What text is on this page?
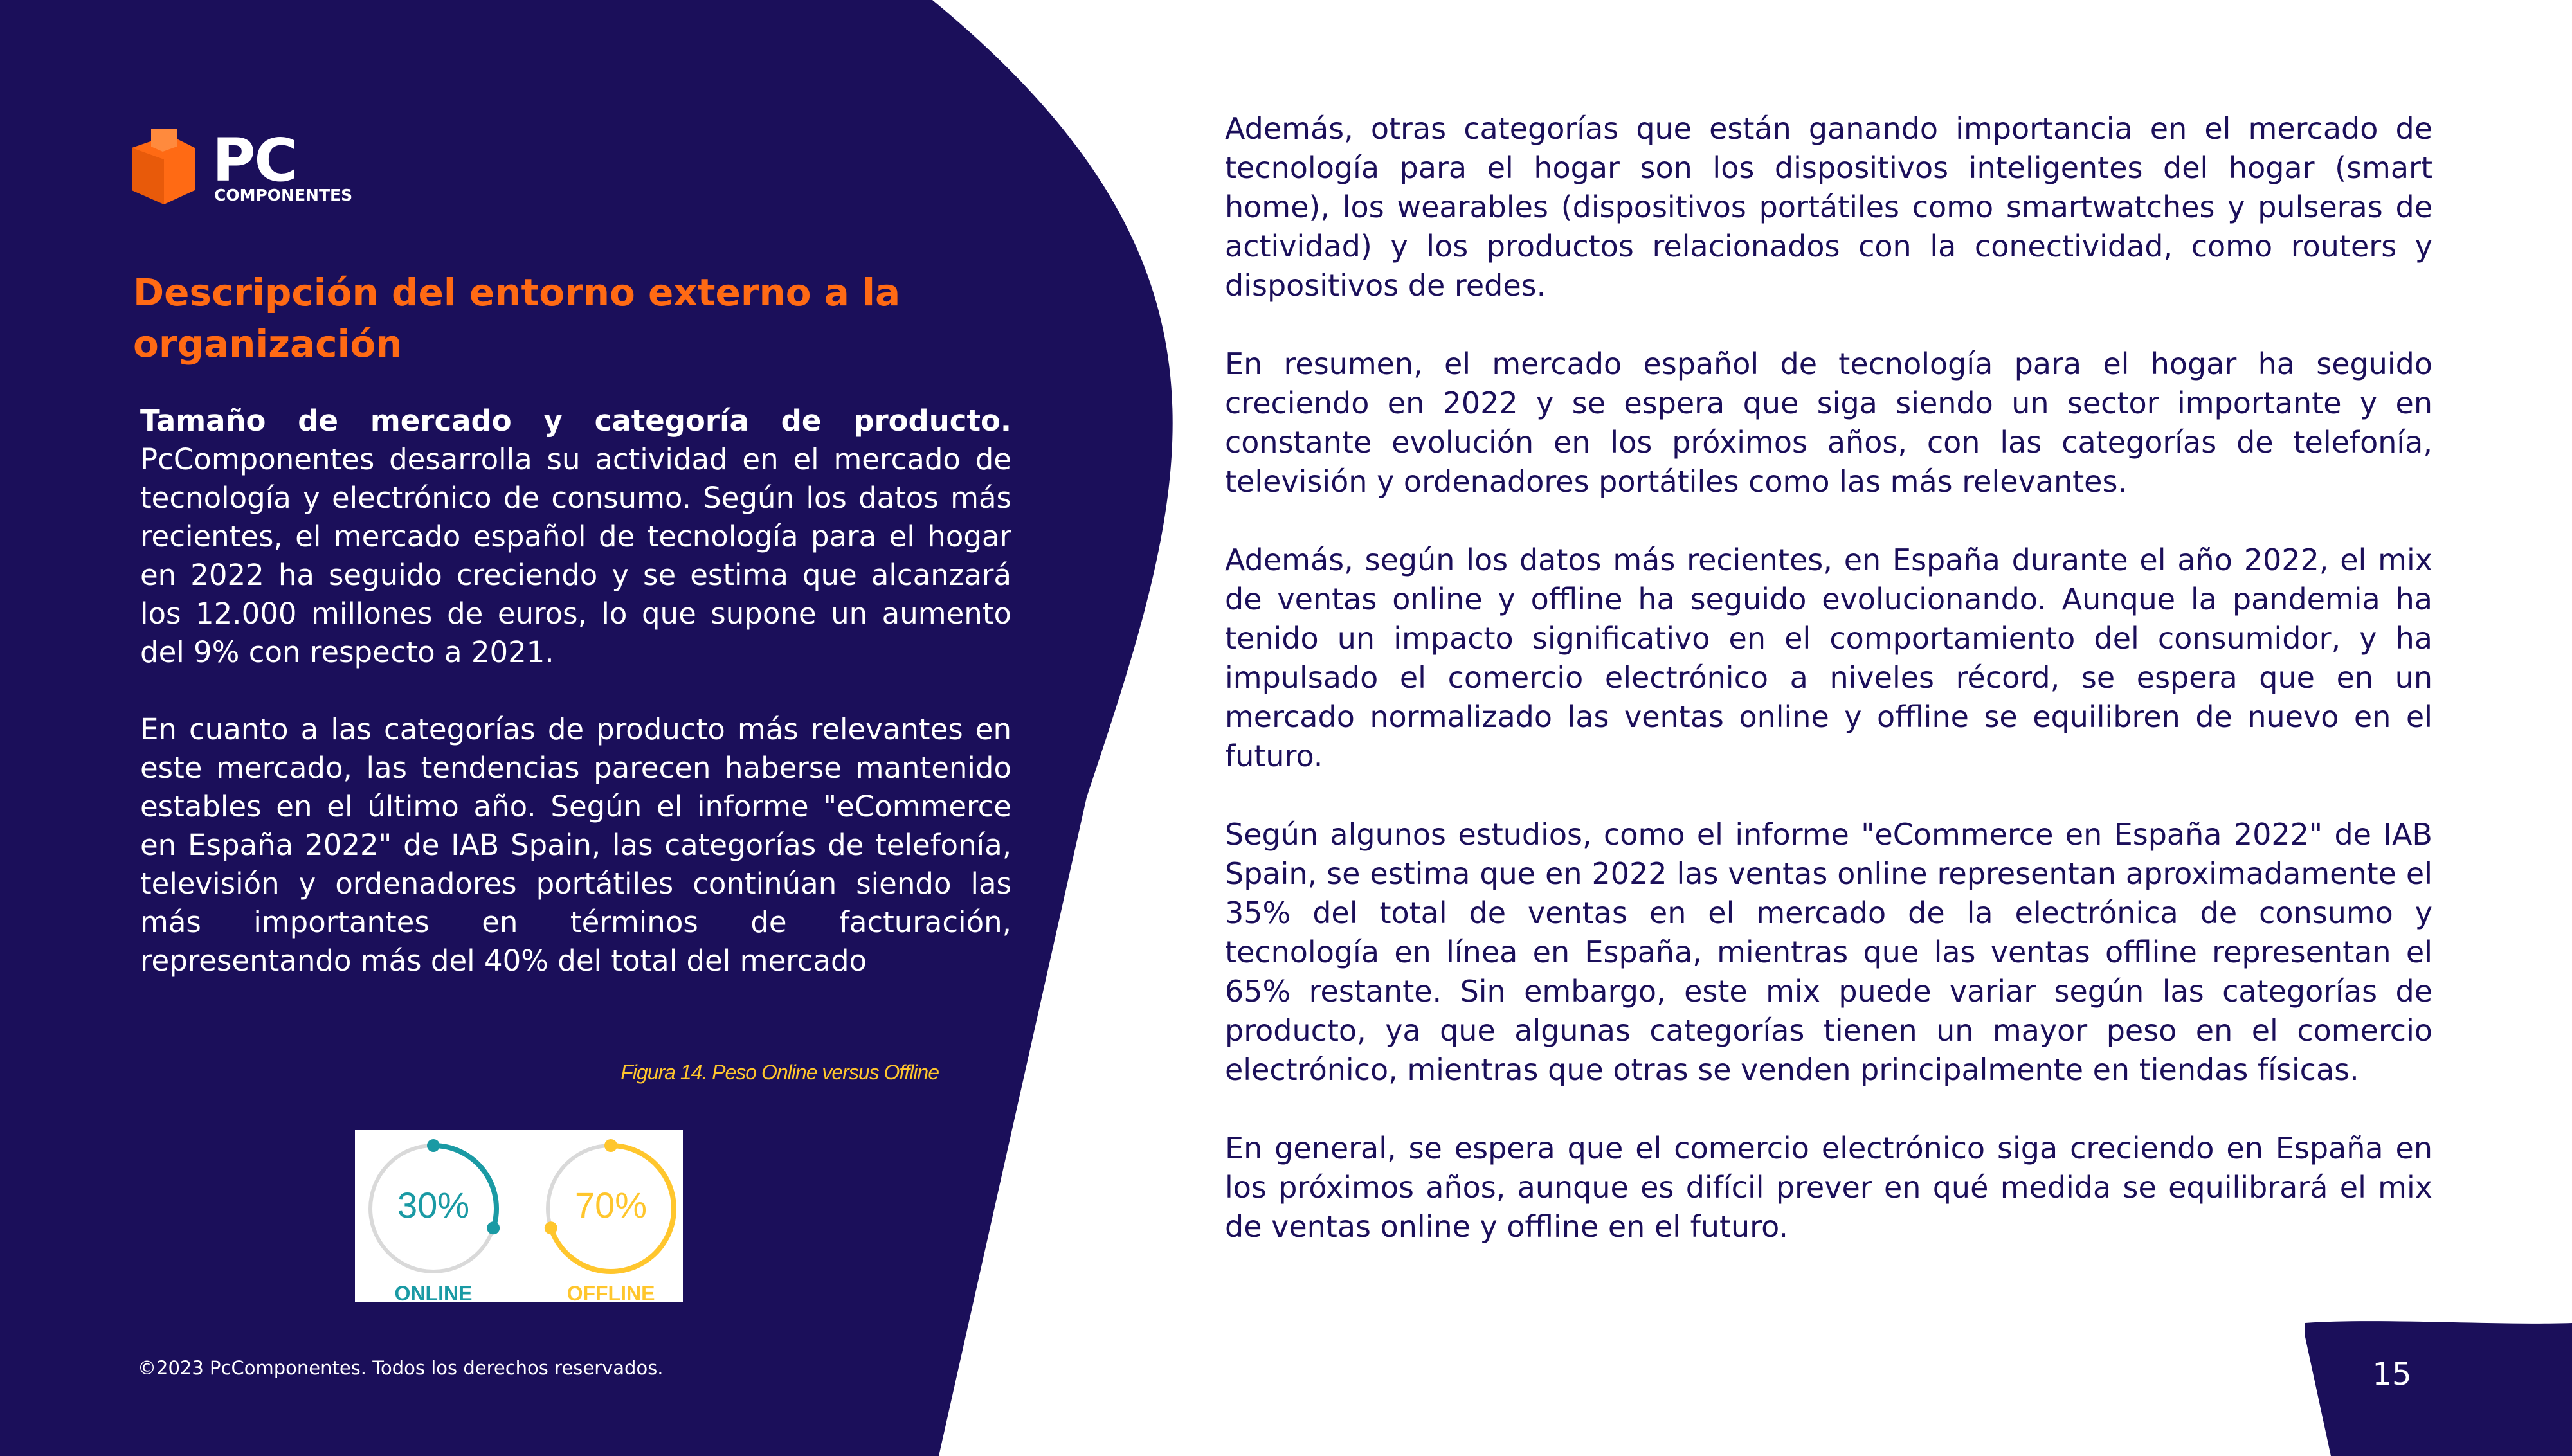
PC
COMPONENTES
Descripción del entorno externo a la organización

Tamaño de mercado y categoría de producto. PcComponentes desarrolla su actividad en el mercado de tecnología y electrónico de consumo. Según los datos más recientes, el mercado español de tecnología para el hogar en 2022 ha seguido creciendo y se estima que alcanzará los 12.000 millones de euros, lo que supone un aumento del 9% con respecto a 2021.

En cuanto a las categorías de producto más relevantes en este mercado, las tendencias parecen haberse mantenido estables en el último año. Según el informe "eCommerce en España 2022" de IAB Spain, las categorías de telefonía, televisión y ordenadores portátiles continúan siendo las más importantes en términos de facturación, representando más del 40% del total del mercado

Figura 14. Peso Online versus Offline
30%
ONLINE
70%
OFFLINE
©2023 PcComponentes. Todos los derechos reservados.

Además, otras categorías que están ganando importancia en el mercado de tecnología para el hogar son los dispositivos inteligentes del hogar (smart home), los wearables (dispositivos portátiles como smartwatches y pulseras de actividad) y los productos relacionados con la conectividad, como routers y dispositivos de redes.

En resumen, el mercado español de tecnología para el hogar ha seguido creciendo en 2022 y se espera que siga siendo un sector importante y en constante evolución en los próximos años, con las categorías de telefonía, televisión y ordenadores portátiles como las más relevantes.

Además, según los datos más recientes, en España durante el año 2022, el mix de ventas online y offline ha seguido evolucionando. Aunque la pandemia ha tenido un impacto significativo en el comportamiento del consumidor, y ha impulsado el comercio electrónico a niveles récord, se espera que en un mercado normalizado las ventas online y offline se equilibren de nuevo en el futuro.

Según algunos estudios, como el informe "eCommerce en España 2022" de IAB Spain, se estima que en 2022 las ventas online representan aproximadamente el 35% del total de ventas en el mercado de la electrónica de consumo y tecnología en línea en España, mientras que las ventas offline representan el 65% restante. Sin embargo, este mix puede variar según las categorías de producto, ya que algunas categorías tienen un mayor peso en el comercio electrónico, mientras que otras se venden principalmente en tiendas físicas.

En general, se espera que el comercio electrónico siga creciendo en España en los próximos años, aunque es difícil prever en qué medida se equilibrará el mix de ventas online y offline en el futuro.

15
